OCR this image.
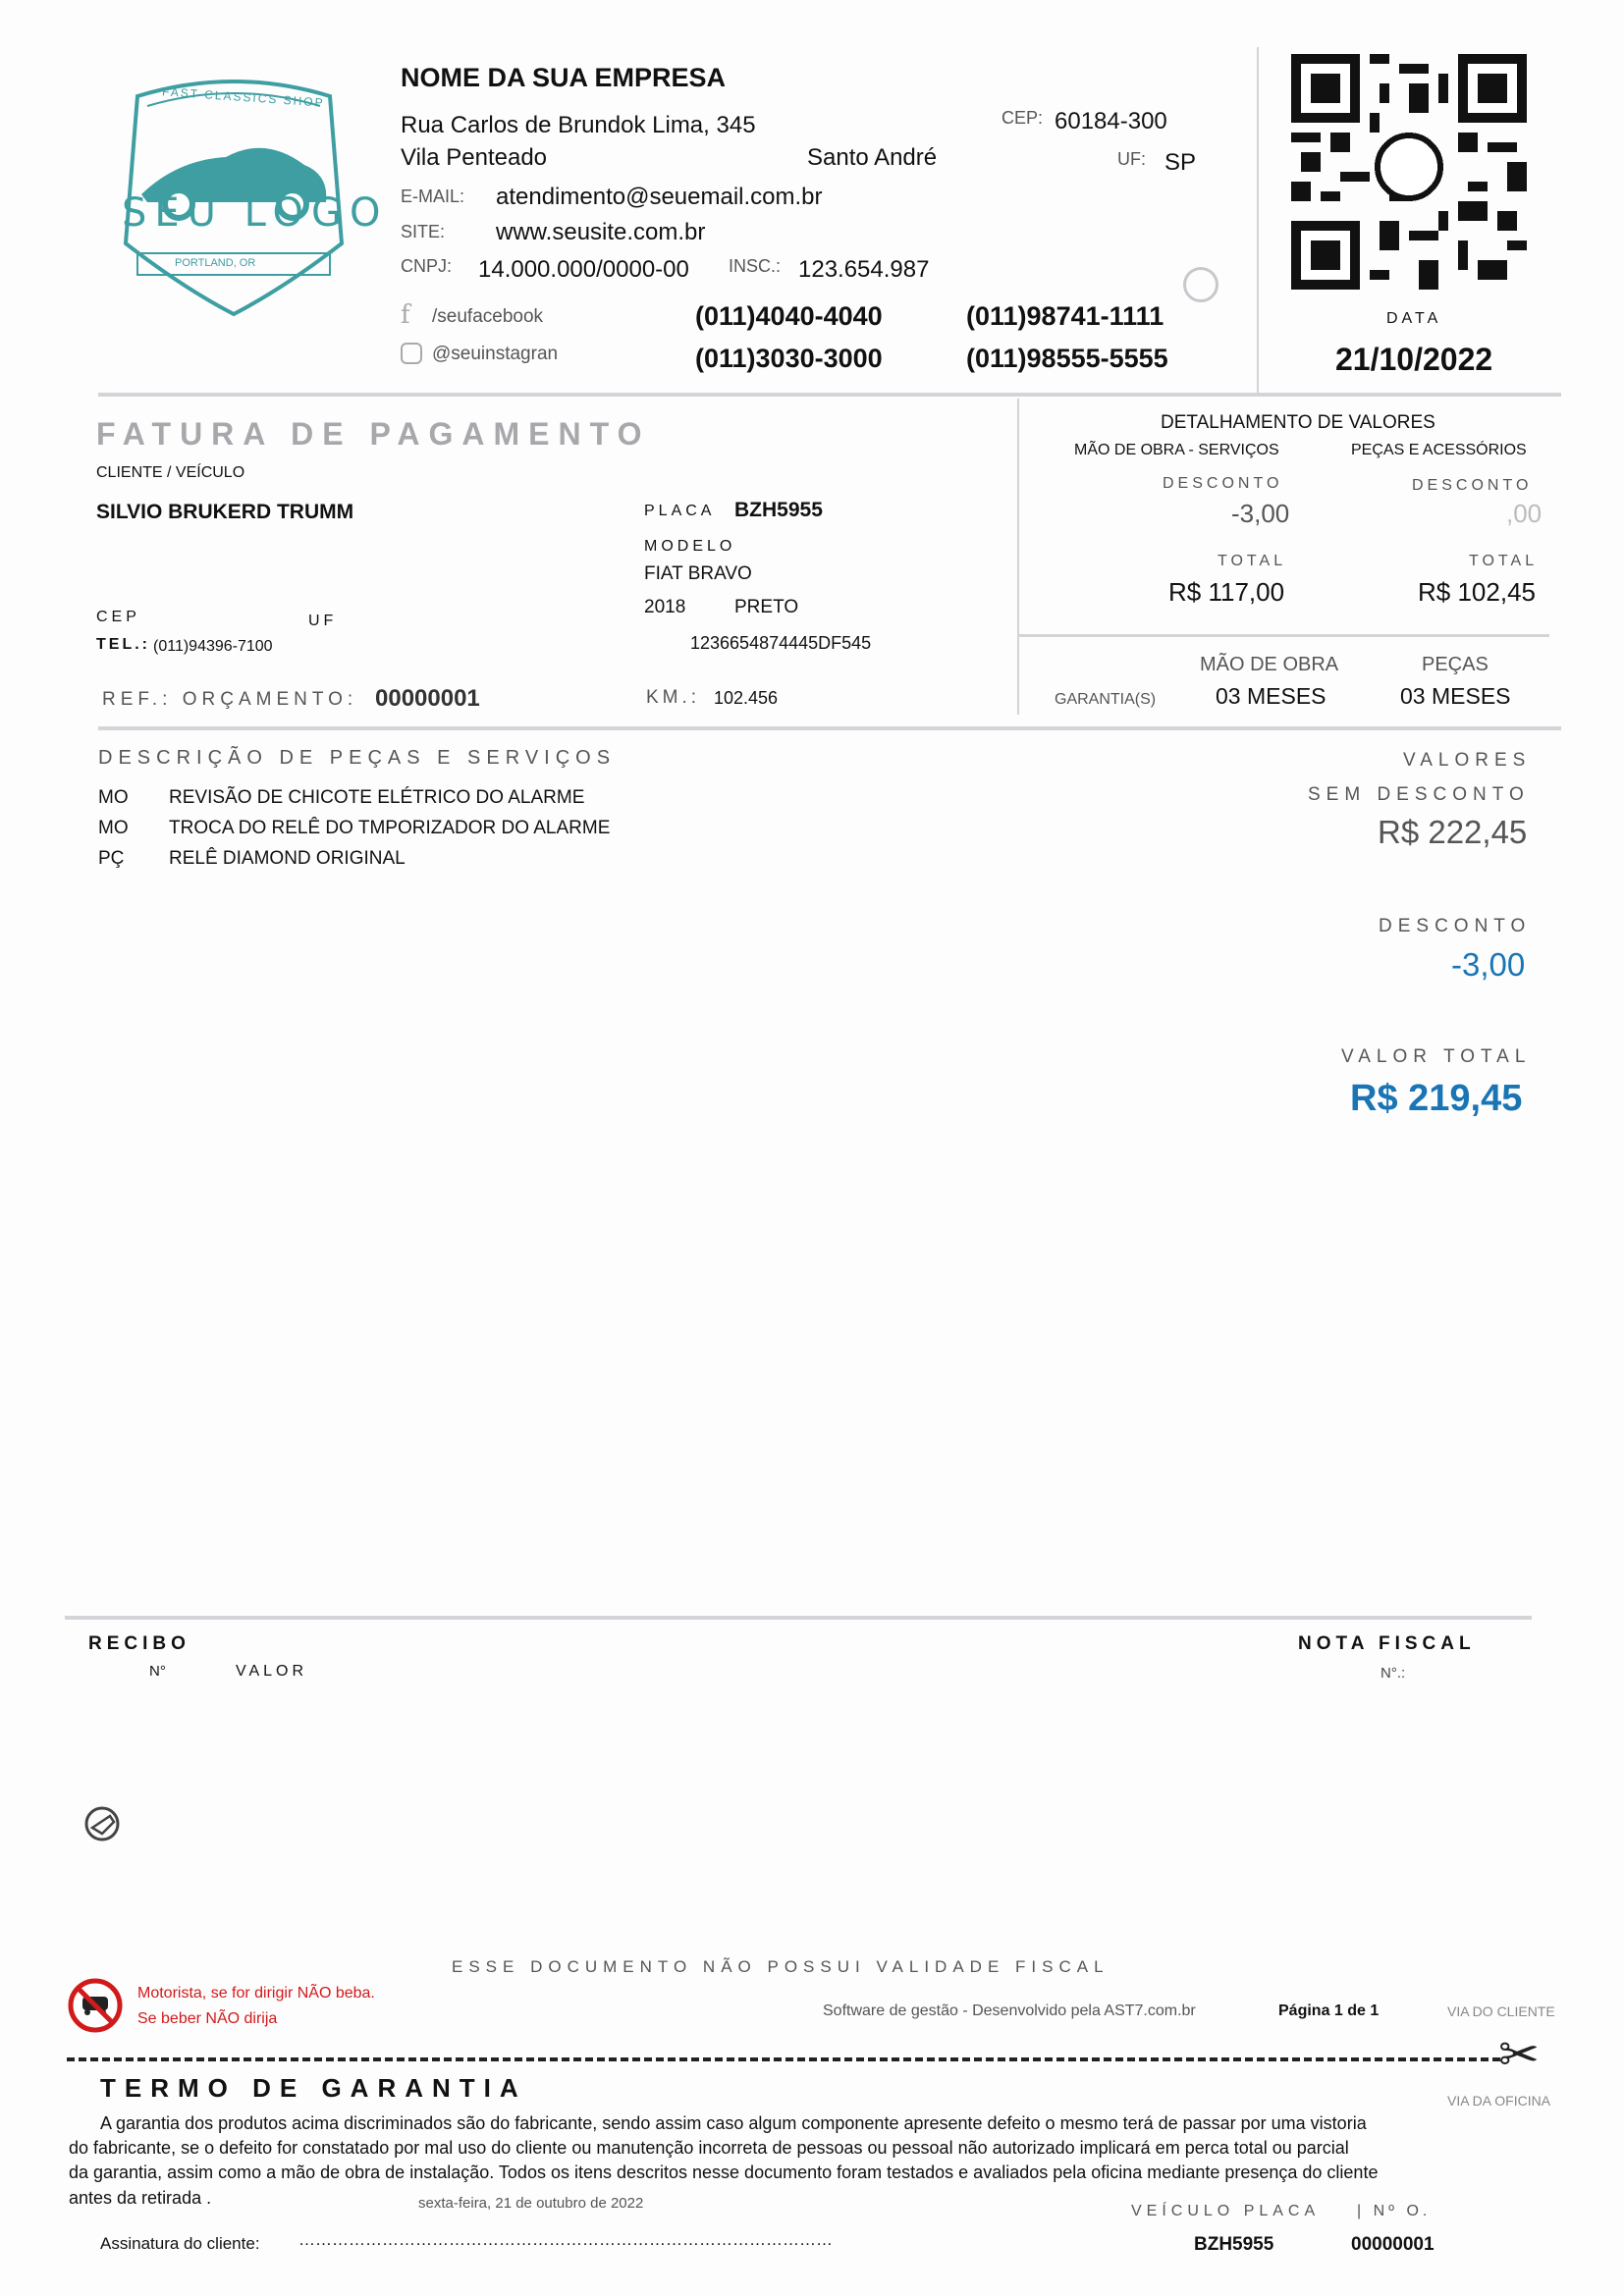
FAST CLASSICS SHOP
SEU LOGO
PORTLAND, OR
NOME DA SUA EMPRESA
Rua Carlos de Brundok Lima, 345
Vila Penteado	Santo André
CEP: 60184-300
UF: SP
E-MAIL: atendimento@seuemail.com.br
SITE: www.seusite.com.br
CNPJ: 14.000.000/0000-00 INSC.: 123.654.987
f /seufacebook
@seuinstagran
(011)4040-4040
(011)3030-3000
(011)98741-1111
(011)98555-5555
DATA
21/10/2022
FATURA DE PAGAMENTO
CLIENTE / VEÍCULO
SILVIO BRUKERD TRUMM	PLACA BZH5955
MODELO
FIAT BRAVO
2018	PRETO
1236654874445DF545
CEP	UF
TEL.: (011)94396-7100
REF.: ORÇAMENTO: 00000001	KM.: 102.456
DETALHAMENTO DE VALORES
MÃO DE OBRA - SERVIÇOS	PEÇAS E ACESSÓRIOS
DESCONTO	DESCONTO
-3,00	,00
TOTAL	TOTAL
R$ 117,00	R$ 102,45
MÃO DE OBRA	PEÇAS
GARANTIA(S)	03 MESES	03 MESES
DESCRIÇÃO DE PEÇAS E SERVIÇOS
MO REVISÃO DE CHICOTE ELÉTRICO DO ALARME
MO TROCA DO RELÊ DO TMPORIZADOR DO ALARME
PÇ RELÊ DIAMOND ORIGINAL
VALORES
SEM DESCONTO
R$ 222,45
DESCONTO
-3,00
VALOR TOTAL
R$ 219,45
RECIBO
N°	VALOR
NOTA FISCAL
N°.:
ESSE DOCUMENTO NÃO POSSUI VALIDADE FISCAL
Motorista, se for dirigir NÃO beba.
Se beber NÃO dirija	Software de gestão - Desenvolvido pela AST7.com.br	Página 1 de 1	VIA DO CLIENTE
✂
VIA DA OFICINA
TERMO DE GARANTIA
A garantia dos produtos acima discriminados são do fabricante, sendo assim caso algum componente apresente defeito o mesmo terá de passar por uma vistoria
do fabricante, se o defeito for constatado por mal uso do cliente ou manutenção incorreta de pessoas ou pessoal não autorizado implicará em perca total ou parcial
da garantia, assim como a mão de obra de instalação. Todos os itens descritos nesse documento foram testados e avaliados pela oficina mediante presença do cliente
antes da retirada .	sexta-feira, 21 de outubro de 2022	VEÍCULO PLACA | Nº O.
BZH5955	00000001
Assinatura do cliente: ……………………………………………………………………………………
